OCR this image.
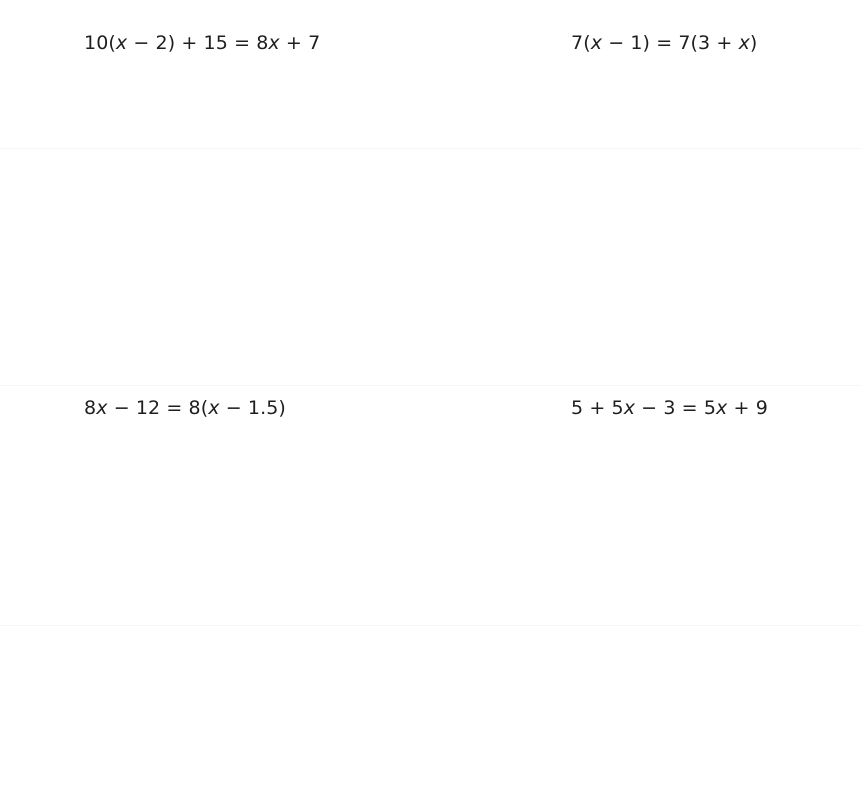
10(x − 2) + 15 = 8x + 7	7(x − 1) = 7(3 + x)
8x − 12 = 8(x − 1.5)	5 + 5x − 3 = 5x + 9
